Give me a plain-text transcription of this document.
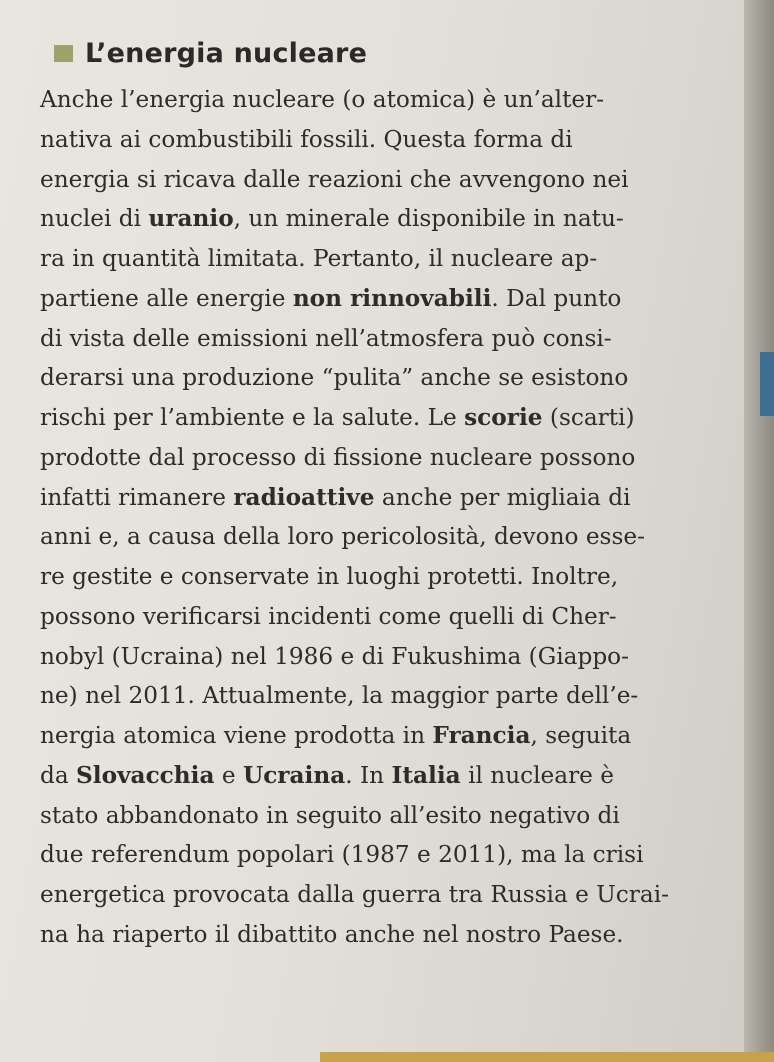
L’energia nucleare
Anche l’energia nucleare (o atomica) è un’alter-
nativa ai combustibili fossili. Questa forma di
energia si ricava dalle reazioni che avvengono nei
nuclei di uranio, un minerale disponibile in natu-
ra in quantità limitata. Pertanto, il nucleare ap-
partiene alle energie non rinnovabili. Dal punto
di vista delle emissioni nell’atmosfera può consi-
derarsi una produzione “pulita” anche se esistono
rischi per l’ambiente e la salute. Le scorie (scarti)
prodotte dal processo di fissione nucleare possono
infatti rimanere radioattive anche per migliaia di
anni e, a causa della loro pericolosità, devono esse-
re gestite e conservate in luoghi protetti. Inoltre,
possono verificarsi incidenti come quelli di Cher-
nobyl (Ucraina) nel 1986 e di Fukushima (Giappo-
ne) nel 2011. Attualmente, la maggior parte dell’e-
nergia atomica viene prodotta in Francia, seguita
da Slovacchia e Ucraina. In Italia il nucleare è
stato abbandonato in seguito all’esito negativo di
due referendum popolari (1987 e 2011), ma la crisi
energetica provocata dalla guerra tra Russia e Ucrai-
na ha riaperto il dibattito anche nel nostro Paese.
